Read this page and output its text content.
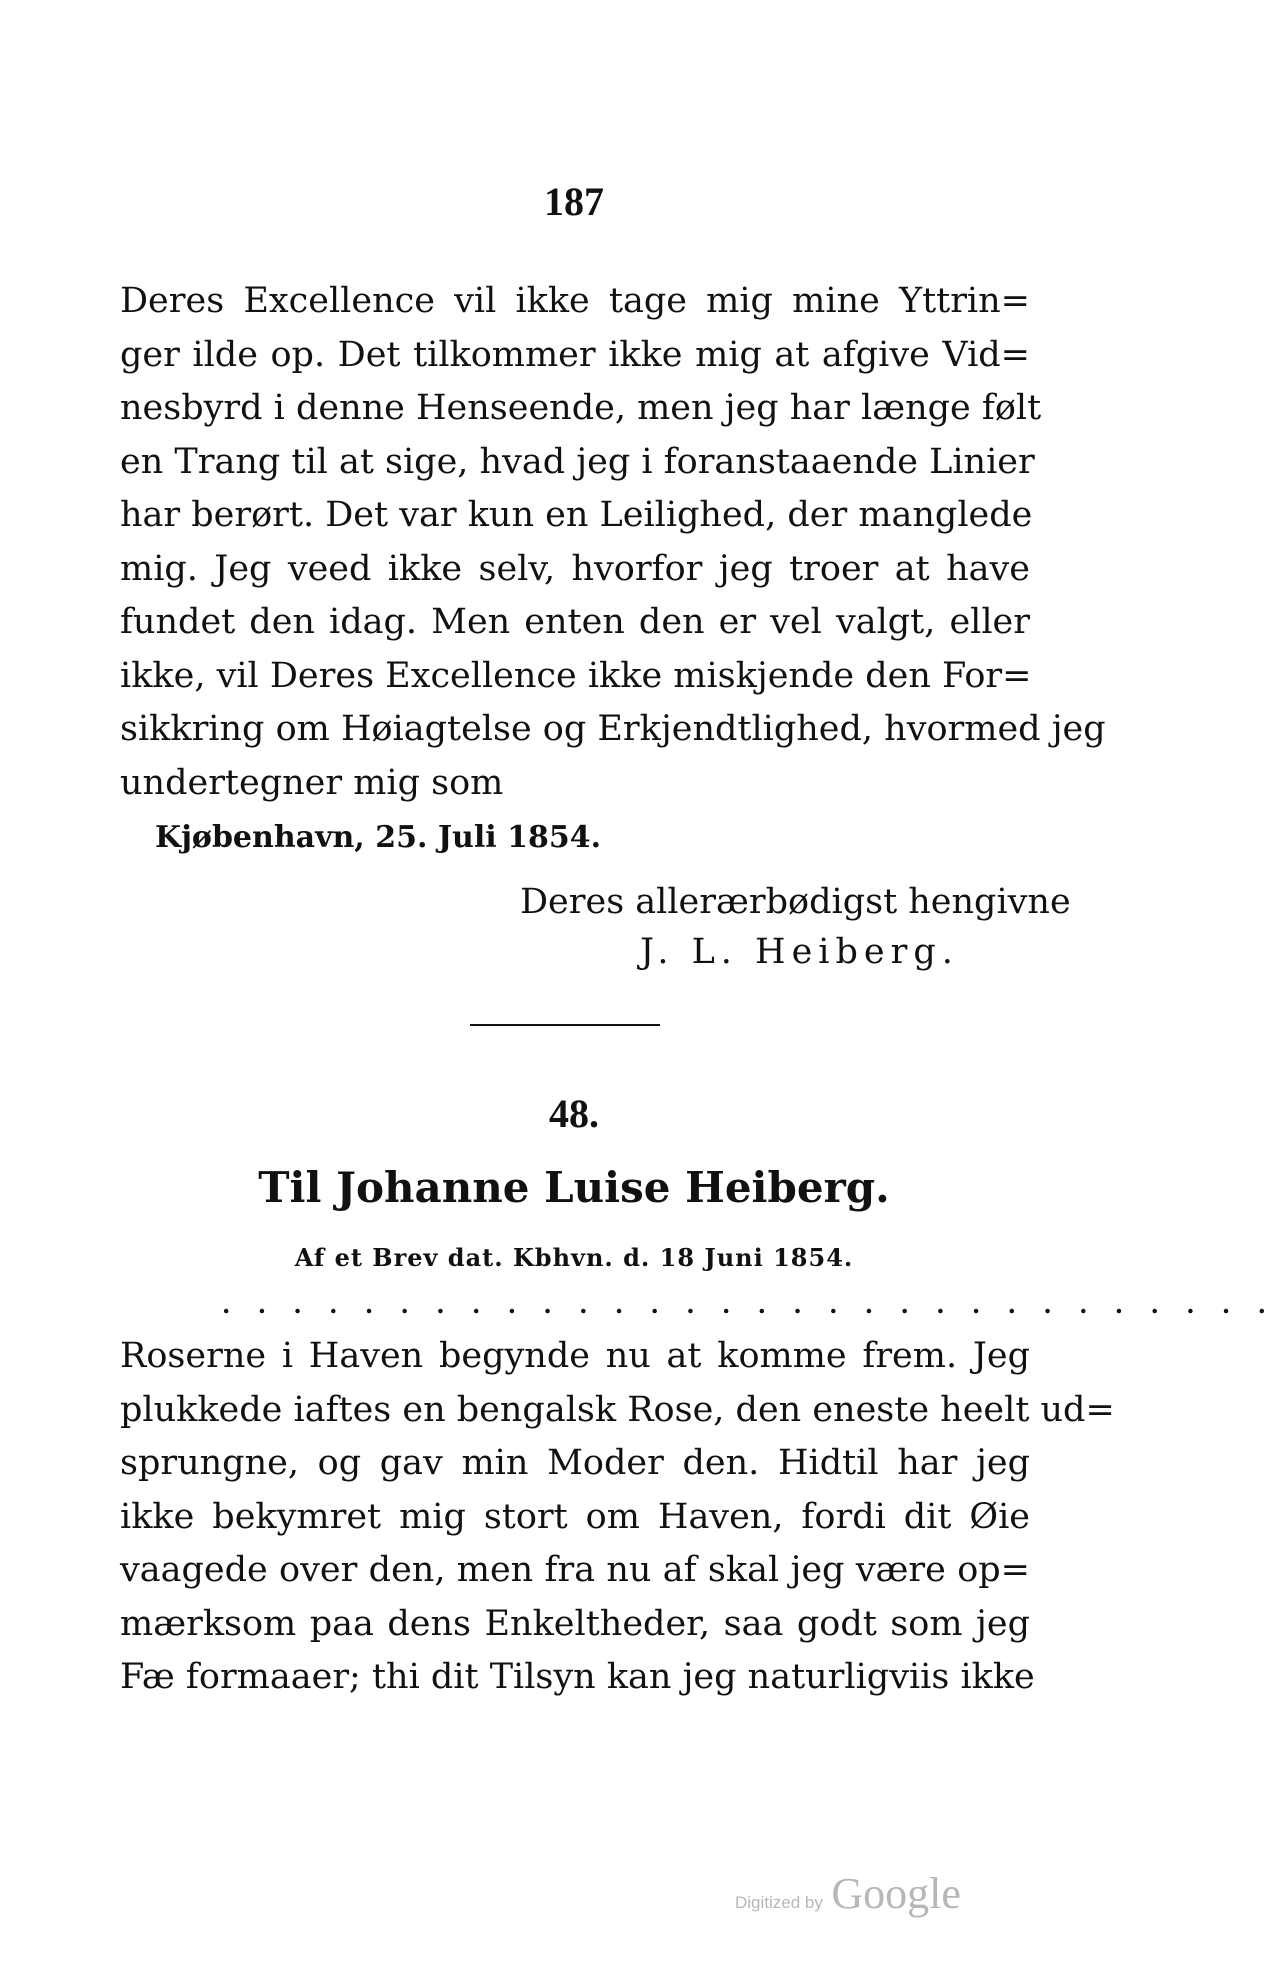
187
Deres Excellence vil ikke tage mig mine Yttrin=
ger ilde op. Det tilkommer ikke mig at afgive Vid=
nesbyrd i denne Henseende, men jeg har længe følt
en Trang til at sige, hvad jeg i foranstaaende Linier
har berørt. Det var kun en Leilighed, der manglede
mig. Jeg veed ikke selv, hvorfor jeg troer at have
fundet den idag. Men enten den er vel valgt, eller
ikke, vil Deres Excellence ikke miskjende den For=
sikkring om Høiagtelse og Erkjendtlighed, hvormed jeg
undertegner mig som
Kjøbenhavn, 25. Juli 1854.
Deres allerærbødigst hengivne
J. L. Heiberg.
48.
Til Johanne Luise Heiberg.
Af et Brev dat. Kbhvn. d. 18 Juni 1854.
. . . . . . . . . . . . . . . . . . . . . . . . . . . . . .
Roserne i Haven begynde nu at komme frem. Jeg
plukkede iaftes en bengalsk Rose, den eneste heelt ud=
sprungne, og gav min Moder den. Hidtil har jeg
ikke bekymret mig stort om Haven, fordi dit Øie
vaagede over den, men fra nu af skal jeg være op=
mærksom paa dens Enkeltheder, saa godt som jeg
Fæ formaaer; thi dit Tilsyn kan jeg naturligviis ikke
Digitized by Google
